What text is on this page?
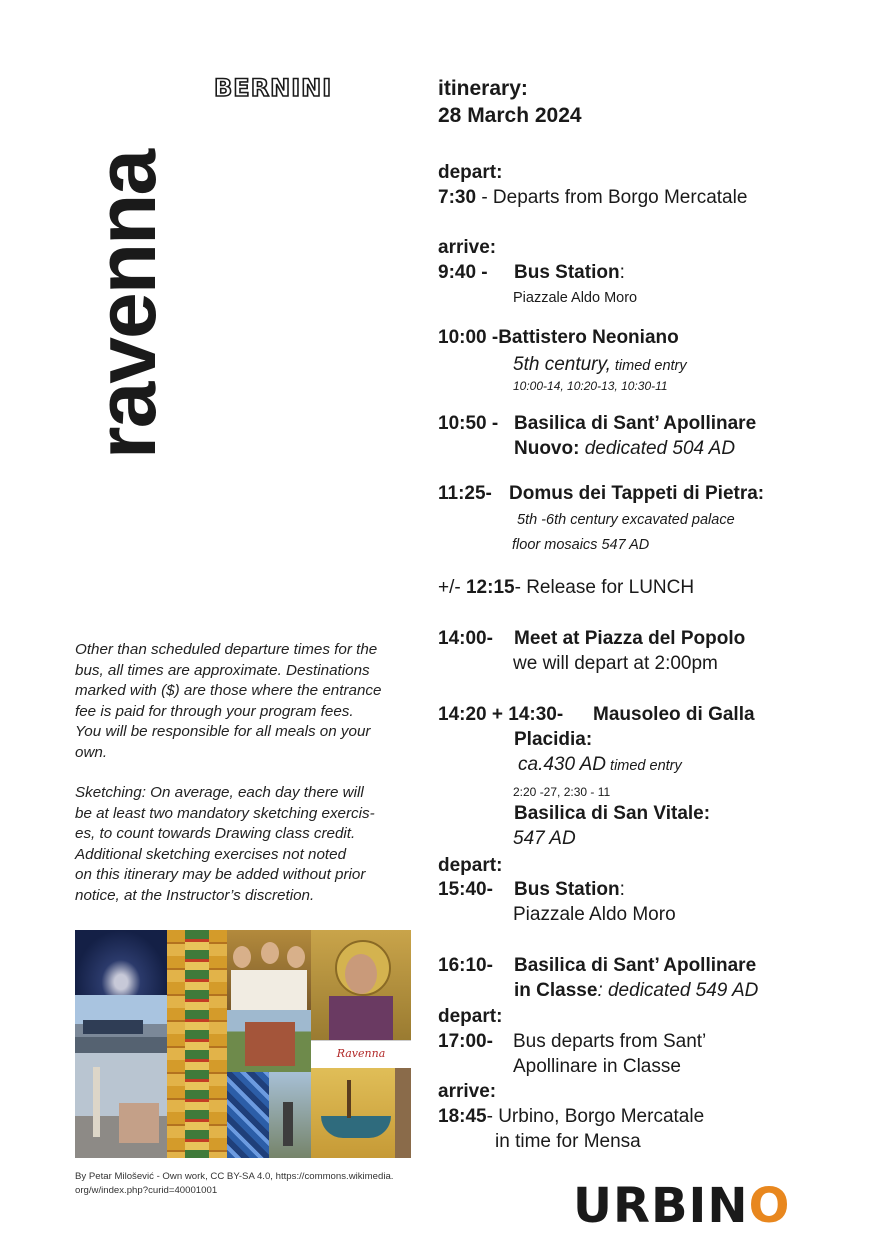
ravenna
BERNINI
Other than scheduled departure times for the
bus, all times are approximate. Destinations
marked with ($) are those where the entrance
fee is paid for through your program fees.
You will be responsible for all meals on your
own.
Sketching: On average, each day there will
be at least two mandatory sketching exercis-
es, to count towards Drawing class credit.
Additional sketching exercises not noted
on this itinerary may be added without prior
notice, at the Instructor’s discretion.
Ravenna
By Petar Milošević - Own work, CC BY-SA 4.0, https://commons.wikimedia.
org/w/index.php?curid=40001001
itinerary:
28 March 2024
depart:
7:30 - Departs from Borgo Mercatale
arrive:
9:40 - Bus Station:
Piazzale Aldo Moro
10:00 -Battistero Neoniano
5th century, timed entry
10:00-14, 10:20-13, 10:30-11
10:50 - Basilica di Sant’ Apollinare
Nuovo: dedicated 504 AD
11:25- Domus dei Tappeti di Pietra:
5th -6th century excavated palace
floor mosaics 547 AD
+/- 12:15- Release for LUNCH
14:00- Meet at Piazza del Popolo
we will depart at 2:00pm
14:20 + 14:30- Mausoleo di Galla
Placidia:
ca.430 AD timed entry
2:20 -27, 2:30 - 11
Basilica di San Vitale:
547 AD
depart:
15:40- Bus Station:
Piazzale Aldo Moro
16:10- Basilica di Sant’ Apollinare
in Classe: dedicated 549 AD
depart:
17:00- Bus departs from Sant’
Apollinare in Classe
arrive:
18:45- Urbino, Borgo Mercatale
in time for Mensa
URBINO
